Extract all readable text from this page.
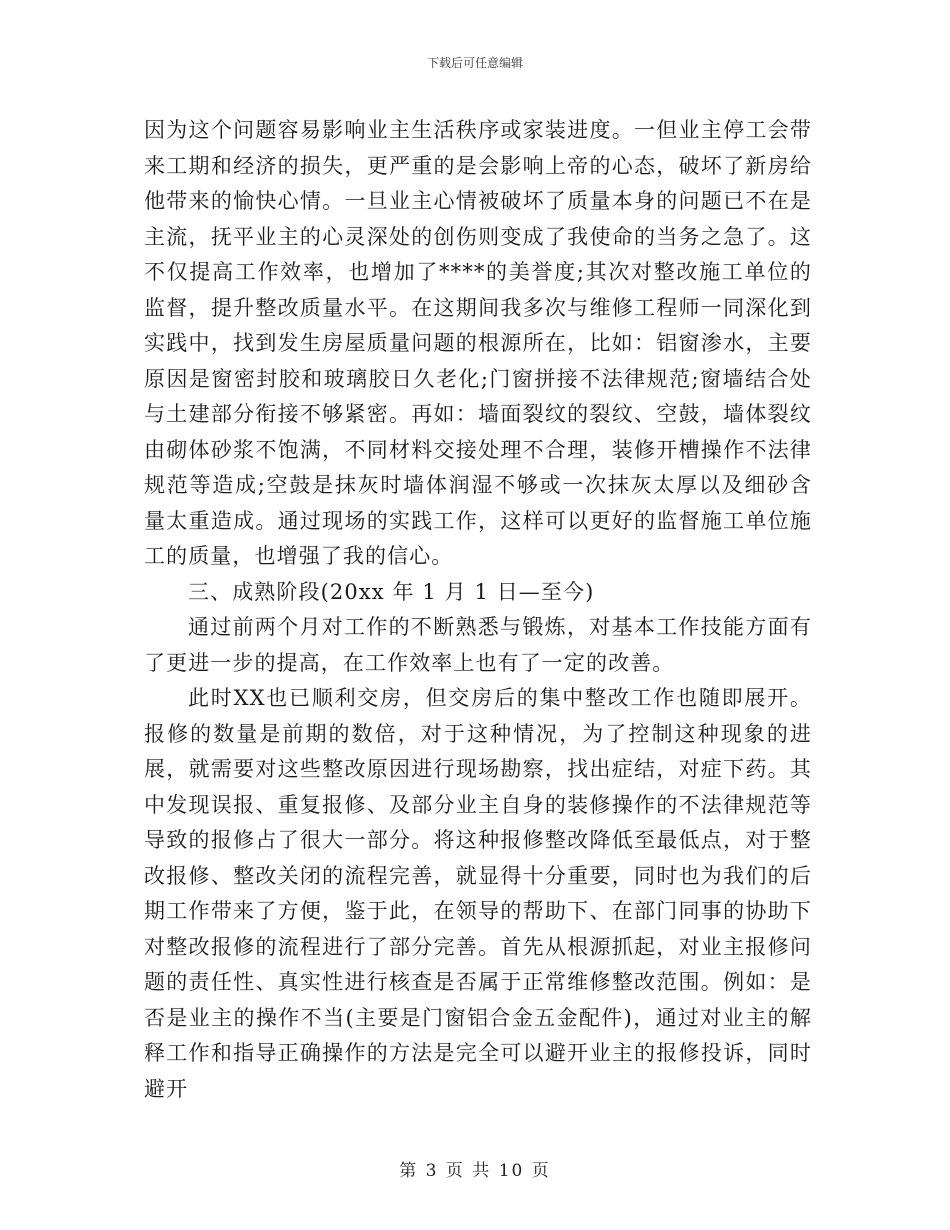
下载后可任意编辑

因为这个问题容易影响业主生活秩序或家装进度。一但业主停工会带来工期和经济的损失，更严重的是会影响上帝的心态，破坏了新房给他带来的愉快心情。一旦业主心情被破坏了质量本身的问题已不在是主流，抚平业主的心灵深处的创伤则变成了我使命的当务之急了。这不仅提高工作效率，也增加了****的美誉度;其次对整改施工单位的监督，提升整改质量水平。在这期间我多次与维修工程师一同深化到实践中，找到发生房屋质量问题的根源所在，比如：铝窗渗水，主要原因是窗密封胶和玻璃胶日久老化;门窗拼接不法律规范;窗墙结合处与土建部分衔接不够紧密。再如：墙面裂纹的裂纹、空鼓，墙体裂纹由砌体砂浆不饱满，不同材料交接处理不合理，装修开槽操作不法律规范等造成;空鼓是抹灰时墙体润湿不够或一次抹灰太厚以及细砂含量太重造成。通过现场的实践工作，这样可以更好的监督施工单位施工的质量，也增强了我的信心。

三、成熟阶段(20xx 年 1 月 1 日—至今)

通过前两个月对工作的不断熟悉与锻炼，对基本工作技能方面有了更进一步的提高，在工作效率上也有了一定的改善。

此时XX也已顺利交房，但交房后的集中整改工作也随即展开。报修的数量是前期的数倍，对于这种情况，为了控制这种现象的进展，就需要对这些整改原因进行现场勘察，找出症结，对症下药。其中发现误报、重复报修、及部分业主自身的装修操作的不法律规范等导致的报修占了很大一部分。将这种报修整改降低至最低点，对于整改报修、整改关闭的流程完善，就显得十分重要，同时也为我们的后期工作带来了方便，鉴于此，在领导的帮助下、在部门同事的协助下对整改报修的流程进行了部分完善。首先从根源抓起，对业主报修问题的责任性、真实性进行核查是否属于正常维修整改范围。例如：是否是业主的操作不当(主要是门窗铝合金五金配件)，通过对业主的解释工作和指导正确操作的方法是完全可以避开业主的报修投诉，同时避开

第 3 页 共 10 页
